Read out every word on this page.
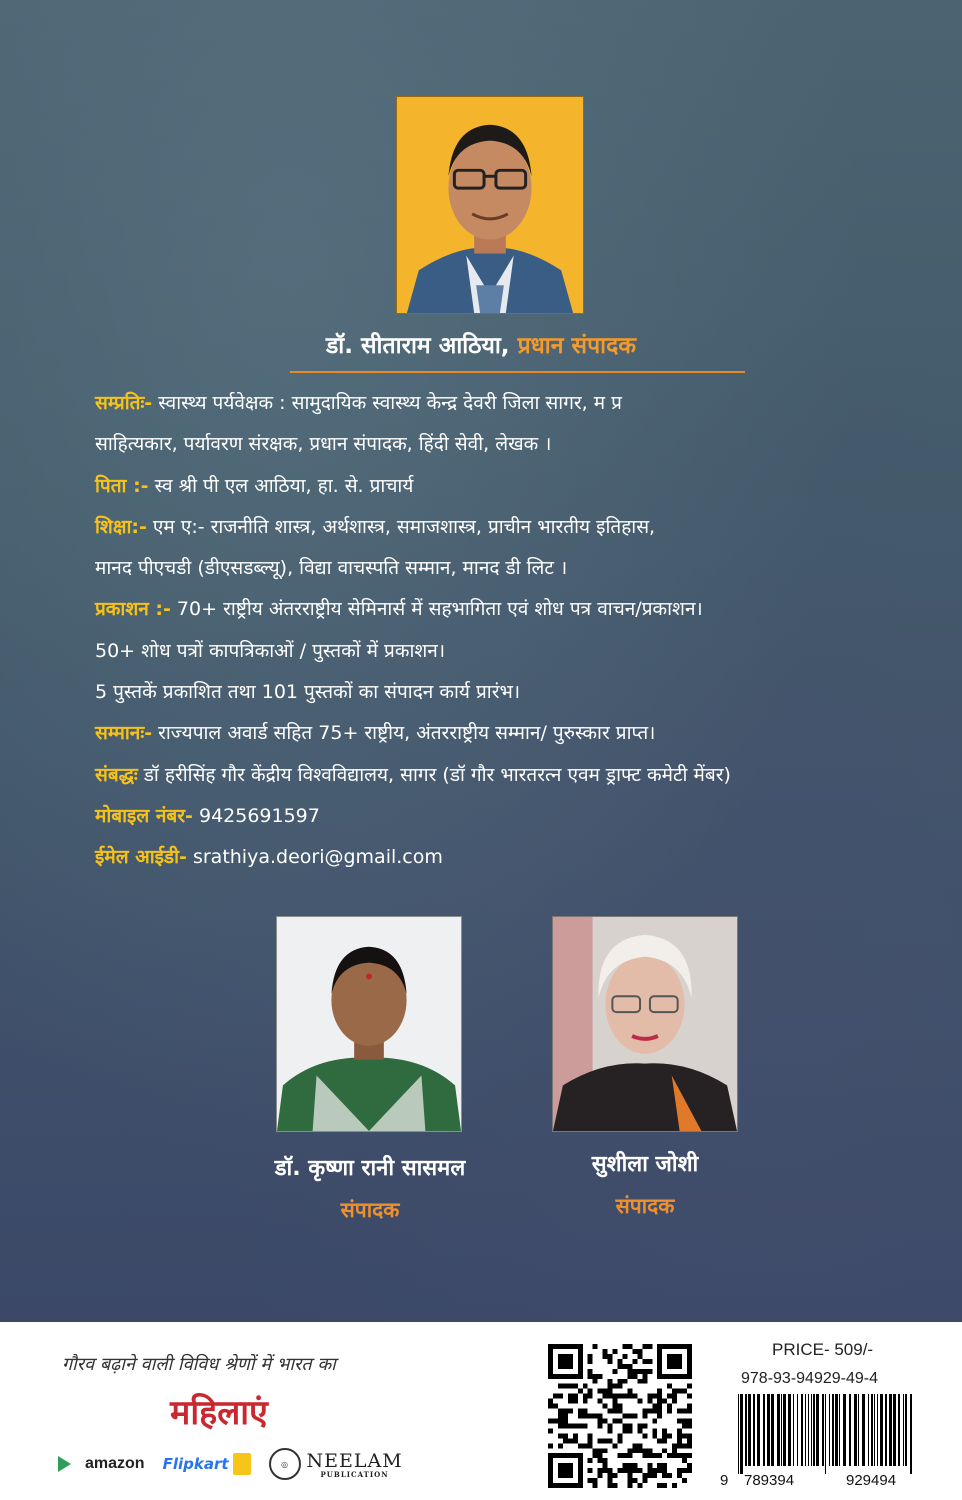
डॉ. सीताराम आठिया, प्रधान संपादक
सम्प्रतिः- स्वास्थ्य पर्यवेक्षक : सामुदायिक स्वास्थ्य केन्द्र देवरी जिला सागर, म प्र
साहित्यकार, पर्यावरण संरक्षक, प्रधान संपादक, हिंदी सेवी, लेखक ।
पिता :- स्व श्री पी एल आठिया, हा. से. प्राचार्य
शिक्षा:- एम ए:- राजनीति शास्त्र, अर्थशास्त्र, समाजशास्त्र, प्राचीन भारतीय इतिहास,
मानद पीएचडी (डीएसडब्ल्यू), विद्या वाचस्पति सम्मान, मानद डी लिट ।
प्रकाशन :- 70+ राष्ट्रीय अंतरराष्ट्रीय सेमिनार्स में सहभागिता एवं शोध पत्र वाचन/प्रकाशन।
50+ शोध पत्रों कापत्रिकाओं / पुस्तकों में प्रकाशन।
5 पुस्तकें प्रकाशित तथा 101 पुस्तकों का संपादन कार्य प्रारंभ।
सम्मानः- राज्यपाल अवार्ड सहित 75+ राष्ट्रीय, अंतरराष्ट्रीय सम्मान/ पुरुस्कार प्राप्त।
संबद्धः डॉ हरीसिंह गौर केंद्रीय विश्वविद्यालय, सागर (डॉ गौर भारतरत्न एवम ड्राफ्ट कमेटी मेंबर)
मोबाइल नंबर- 9425691597
ईमेल आईडी- srathiya.deori@gmail.com
डॉ. कृष्णा रानी सासमल
संपादक
सुशीला जोशी
संपादक
गौरव बढ़ाने वाली विविध श्रेणों में भारत का
महिलाएं
amazon Flipkart	◎ NEELAM
PUBLICATION
PRICE- 509/-
978-93-94929-49-4
9 789394	929494
